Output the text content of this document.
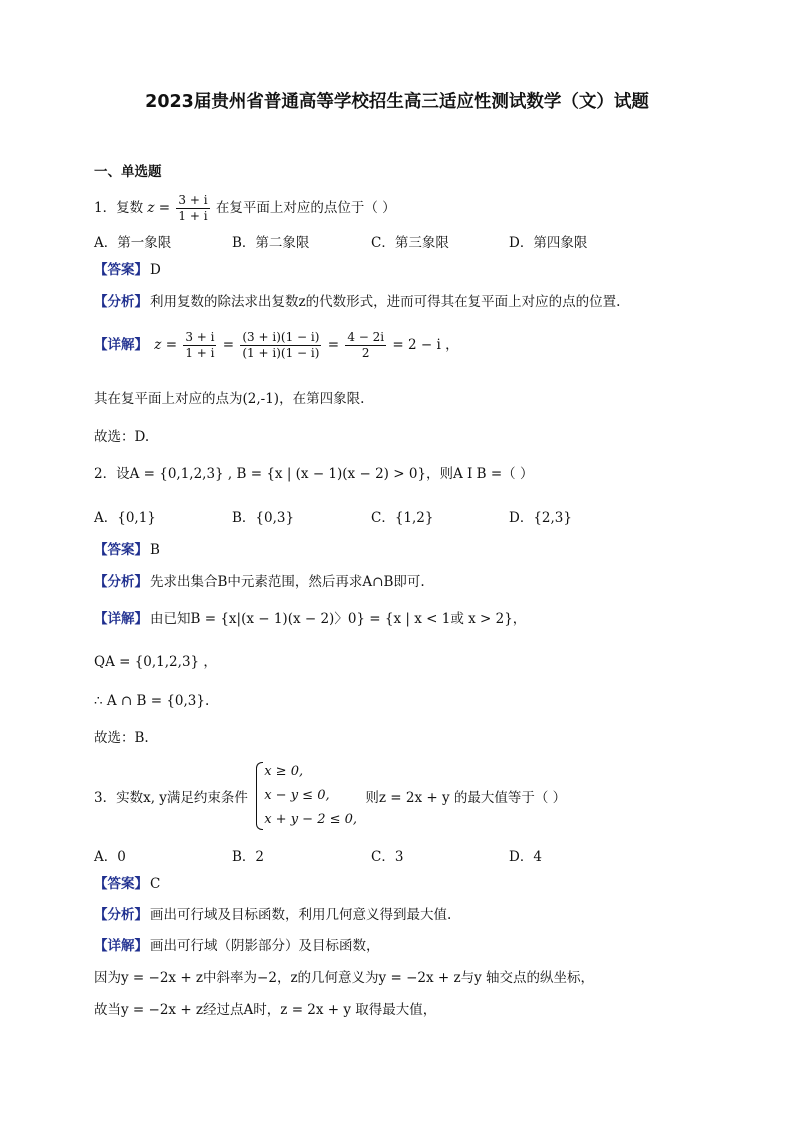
2023届贵州省普通高等学校招生高三适应性测试数学（文）试题
一、单选题
1．复数 $z = \frac{3 + i}{1 + i}$ 在复平面上对应的点位于（ ）
A．第一象限	B．第二象限	C．第三象限	D．第四象限
【答案】 D
【分析】 利用复数的除法求出复数z的代数形式，进而可得其在复平面上对应的点的位置.
【详解】 $z = \frac{3 + i}{1 + i} = \frac{(3 + i)(1 - i)}{(1 + i)(1 - i)} = \frac{4 - 2i}{2} = 2 - i$ ，
其在复平面上对应的点为(2,-1)，在第四象限.
故选：D.
2．设A = {0,1,2,3} , B = {x | (x − 1)(x − 2) > 0}，则A I B =（ ）
A．{0,1}	B．{0,3}	C．{1,2}	D．{2,3}
【答案】 B
【分析】 先求出集合B中元素范围，然后再求A∩B即可.
【详解】 由已知B = {x|(x − 1)(x − 2)〉0} = {x | x < 1或 x > 2}，
QA = {0,1,2,3} ，
∴ A ∩ B = {0,3}.
故选：B.
3．实数x, y满足约束条件
x ≥ 0,
x − y ≤ 0,
x + y − 2 ≤ 0,
则z = 2x + y 的最大值等于（ ）
A．0	B．2	C．3	D．4
【答案】 C
【分析】 画出可行域及目标函数，利用几何意义得到最大值.
【详解】 画出可行域（阴影部分）及目标函数，
因为y = −2x + z中斜率为−2，z的几何意义为y = −2x + z与y 轴交点的纵坐标，
故当y = −2x + z经过点A时，z = 2x + y 取得最大值，
